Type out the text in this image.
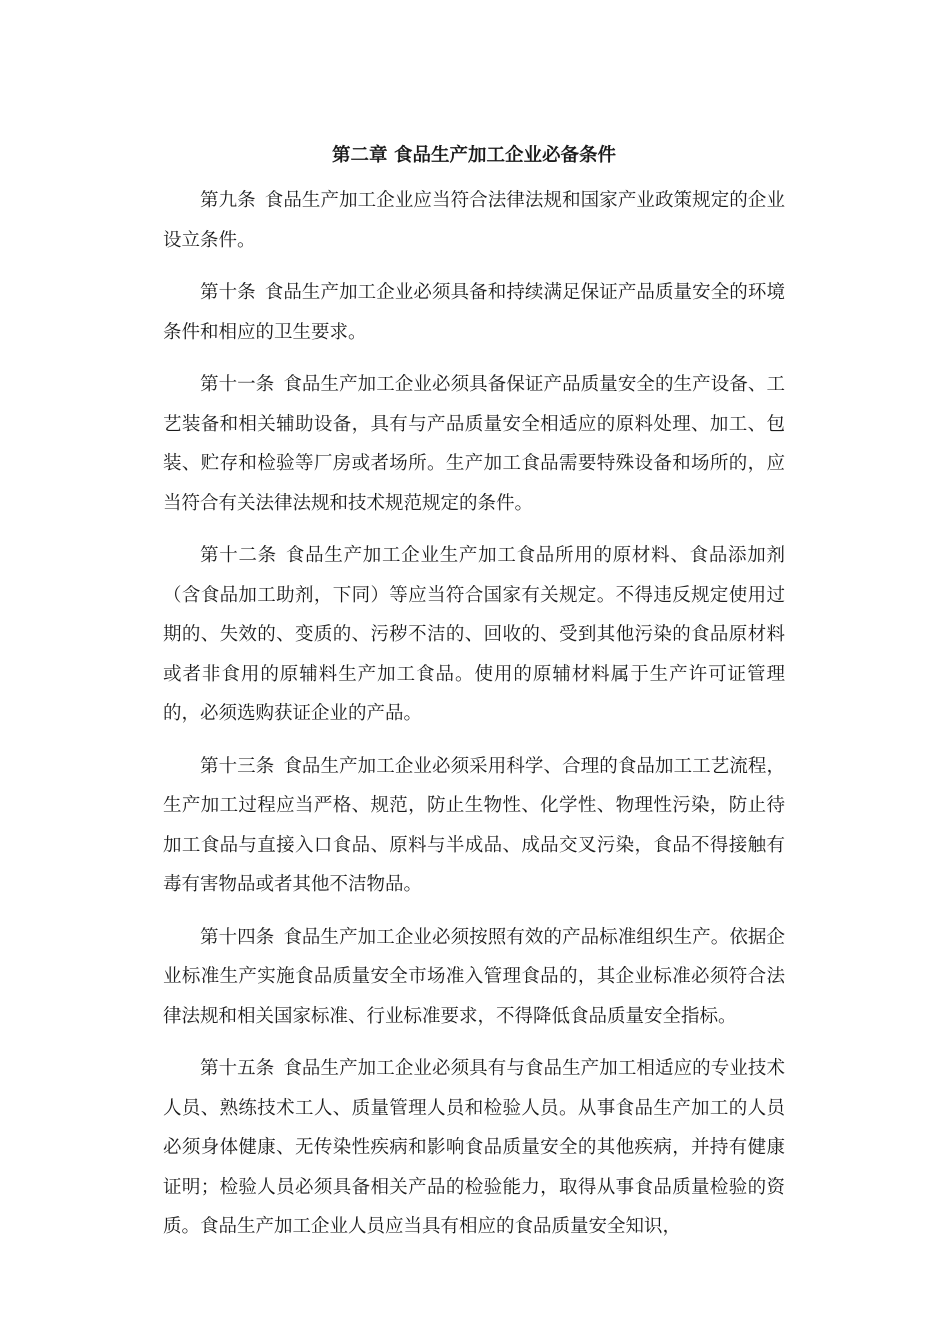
第二章 食品生产加工企业必备条件

第九条 食品生产加工企业应当符合法律法规和国家产业政策规定的企业设立条件。

第十条 食品生产加工企业必须具备和持续满足保证产品质量安全的环境条件和相应的卫生要求。

第十一条 食品生产加工企业必须具备保证产品质量安全的生产设备、工艺装备和相关辅助设备，具有与产品质量安全相适应的原料处理、加工、包装、贮存和检验等厂房或者场所。生产加工食品需要特殊设备和场所的，应当符合有关法律法规和技术规范规定的条件。

第十二条 食品生产加工企业生产加工食品所用的原材料、食品添加剂（含食品加工助剂，下同）等应当符合国家有关规定。不得违反规定使用过期的、失效的、变质的、污秽不洁的、回收的、受到其他污染的食品原材料或者非食用的原辅料生产加工食品。使用的原辅材料属于生产许可证管理的，必须选购获证企业的产品。

第十三条 食品生产加工企业必须采用科学、合理的食品加工工艺流程，生产加工过程应当严格、规范，防止生物性、化学性、物理性污染，防止待加工食品与直接入口食品、原料与半成品、成品交叉污染，食品不得接触有毒有害物品或者其他不洁物品。

第十四条 食品生产加工企业必须按照有效的产品标准组织生产。依据企业标准生产实施食品质量安全市场准入管理食品的，其企业标准必须符合法律法规和相关国家标准、行业标准要求，不得降低食品质量安全指标。

第十五条 食品生产加工企业必须具有与食品生产加工相适应的专业技术人员、熟练技术工人、质量管理人员和检验人员。从事食品生产加工的人员必须身体健康、无传染性疾病和影响食品质量安全的其他疾病，并持有健康证明；检验人员必须具备相关产品的检验能力，取得从事食品质量检验的资质。食品生产加工企业人员应当具有相应的食品质量安全知识，
